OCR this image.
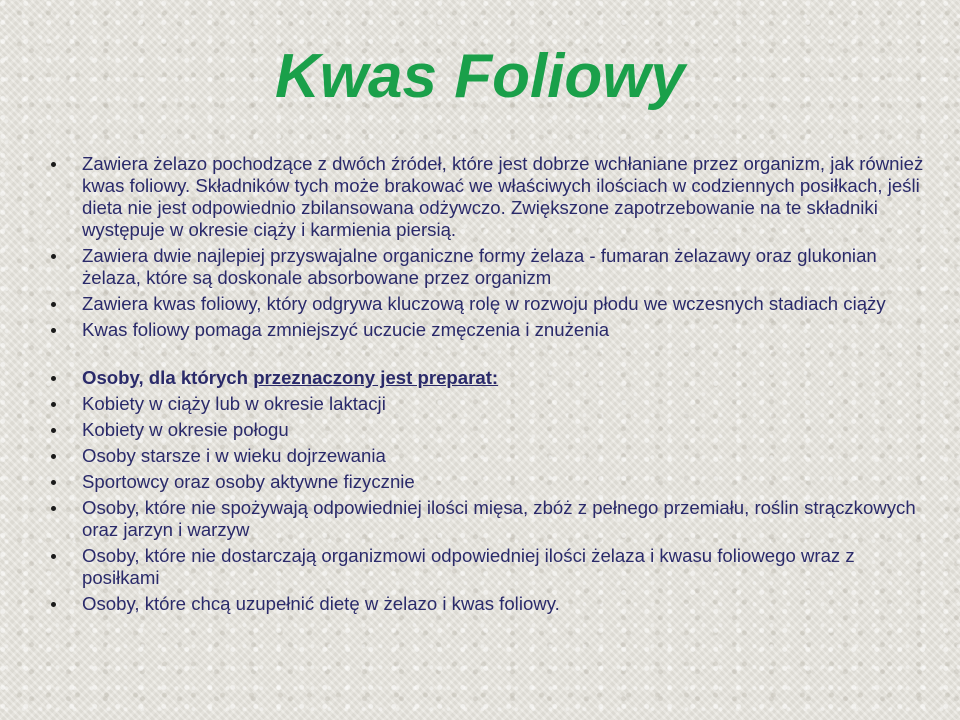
Kwas Foliowy
Zawiera żelazo pochodzące z dwóch źródeł, które jest dobrze wchłaniane przez organizm, jak również kwas foliowy. Składników tych może brakować we właściwych ilościach w codziennych posiłkach, jeśli dieta nie jest odpowiednio zbilansowana odżywczo. Zwiększone zapotrzebowanie na te składniki występuje w okresie ciąży i karmienia piersią.
Zawiera dwie najlepiej przyswajalne organiczne formy żelaza - fumaran żelazawy oraz glukonian żelaza, które są doskonale absorbowane przez organizm
Zawiera kwas foliowy, który odgrywa kluczową rolę w rozwoju płodu we wczesnych stadiach ciąży
Kwas foliowy pomaga zmniejszyć uczucie zmęczenia i znużenia
Osoby, dla których przeznaczony jest preparat:
Kobiety w ciąży lub w okresie laktacji
Kobiety w okresie połogu
Osoby starsze i w wieku dojrzewania
Sportowcy oraz osoby aktywne fizycznie
Osoby, które nie spożywają odpowiedniej ilości mięsa, zbóż z pełnego przemiału, roślin strączkowych oraz jarzyn i warzyw
Osoby, które nie dostarczają organizmowi odpowiedniej ilości żelaza i kwasu foliowego wraz z posiłkami
Osoby, które chcą uzupełnić dietę w żelazo i kwas foliowy.
